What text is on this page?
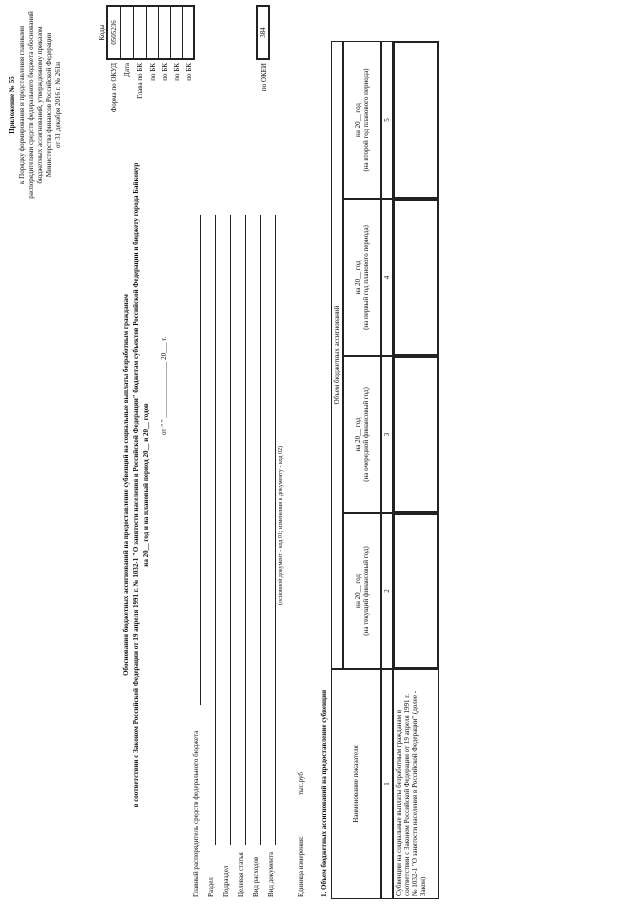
Приложение № 55 к Порядку формирования и представления главными распорядителями средств федерального бюджета обоснований бюджетных ассигнований, утвержденному приказом Министерства финансов Российской Федерации от 31 декабря 2016 г. № 261н
Обоснования бюджетных ассигнований на предоставление субвенций на социальные выплаты безработным гражданам в соответствии с Законом Российской Федерации от 19 апреля 1991 г. № 1032-1 "О занятости населения в Российской Федерации" бюджетам субъектов Российской Федерации и бюджету города Байконур на 20__ год и на плановый период 20__ и 20__ годов
от " " ________________ 20___ г.
Коды 0505236
Форма по ОКУД Дата Глава по БК по БК по БК по БК по БК	по ОКЕИ
384
Главный распорядитель средств федерального бюджета Раздел Подраздел Целевая статья Вид расходов Вид документа
(основной документ - код 01; изменения к документу - код 02)
Единица измерения:
тыс.руб 1. Объем бюджетных ассигнований на предоставление субвенции	Наименование показателя
Объем бюджетных ассигнований
на 20__ год (на текущий финансовый год)
на 20__ год (на очередной финансовый год)
на 20__ год (на первый год планового периода)
на 20__ год (на второй год планового периода)
1
2
3
4
5
Субвенции на социальные выплаты безработным гражданам в соответствии с Законом Российской Федерации от 19 апреля 1991 г. № 1032-1 "О занятости населения в Российской Федерации" (долее - Закон)
